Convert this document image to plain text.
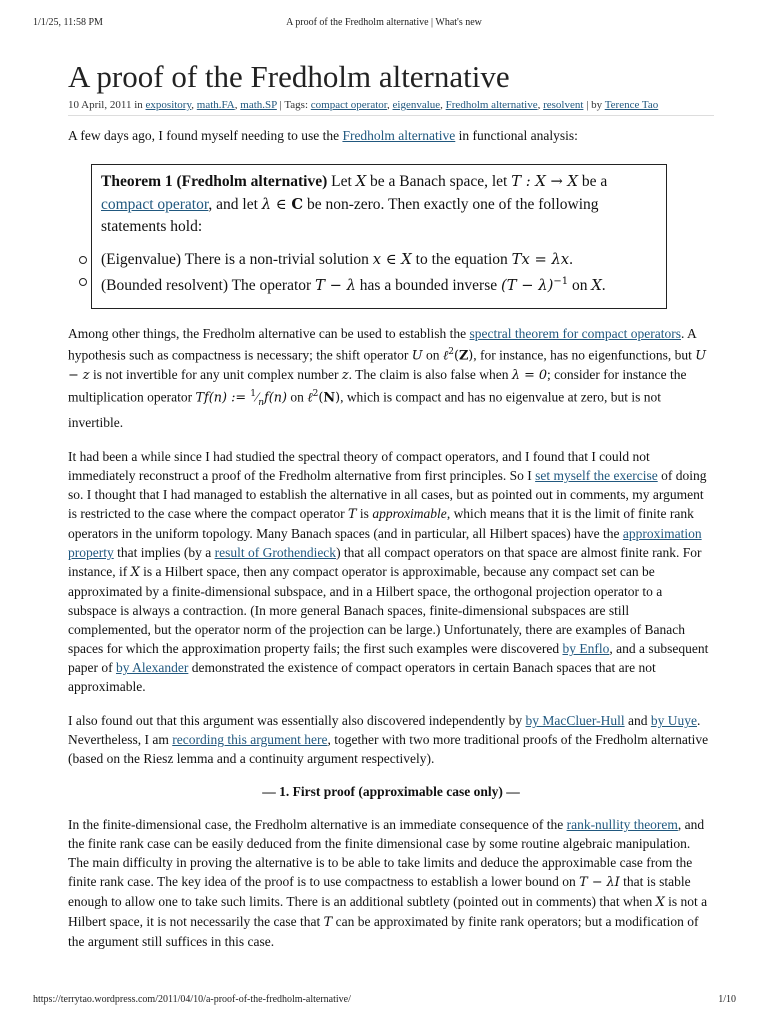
1/1/25, 11:58 PM	A proof of the Fredholm alternative | What's new
A proof of the Fredholm alternative
10 April, 2011 in expository, math.FA, math.SP | Tags: compact operator, eigenvalue, Fredholm alternative, resolvent | by Terence Tao

A few days ago, I found myself needing to use the Fredholm alternative in functional analysis:

Theorem 1 (Fredholm alternative) Let X be a Banach space, let T : X → X be a compact operator, and let λ ∈ C be non-zero. Then exactly one of the following statements hold:
(Eigenvalue) There is a non-trivial solution x ∈ X to the equation Tx = λx.
(Bounded resolvent) The operator T − λ has a bounded inverse $(T - \lambda)^{-1}$ on X.

Among other things, the Fredholm alternative can be used to establish the spectral theorem for compact operators. A hypothesis such as compactness is necessary; the shift operator U on ℓ$^2$(Z), for instance, has no eigenfunctions, but U − z is not invertible for any unit complex number z. The claim is also false when λ = 0; consider for instance the multiplication operator Tf(n) := $^1⁄_nf(n)$ on ℓ$^2$(N), which is compact and has no eigenvalue at zero, but is not invertible.

It had been a while since I had studied the spectral theory of compact operators, and I found that I could not immediately reconstruct a proof of the Fredholm alternative from first principles. So I set myself the exercise of doing so. I thought that I had managed to establish the alternative in all cases, but as pointed out in comments, my argument is restricted to the case where the compact operator T is approximable, which means that it is the limit of finite rank operators in the uniform topology. Many Banach spaces (and in particular, all Hilbert spaces) have the approximation property that implies (by a result of Grothendieck) that all compact operators on that space are almost finite rank. For instance, if X is a Hilbert space, then any compact operator is approximable, because any compact set can be approximated by a finite-dimensional subspace, and in a Hilbert space, the orthogonal projection operator to a subspace is always a contraction. (In more general Banach spaces, finite-dimensional subspaces are still complemented, but the operator norm of the projection can be large.) Unfortunately, there are examples of Banach spaces for which the approximation property fails; the first such examples were discovered by Enflo, and a subsequent paper of by Alexander demonstrated the existence of compact operators in certain Banach spaces that are not approximable.

I also found out that this argument was essentially also discovered independently by by MacCluer-Hull and by Uuye. Nevertheless, I am recording this argument here, together with two more traditional proofs of the Fredholm alternative (based on the Riesz lemma and a continuity argument respectively).

— 1. First proof (approximable case only) —

In the finite-dimensional case, the Fredholm alternative is an immediate consequence of the rank-nullity theorem, and the finite rank case can be easily deduced from the finite dimensional case by some routine algebraic manipulation. The main difficulty in proving the alternative is to be able to take limits and deduce the approximable case from the finite rank case. The key idea of the proof is to use compactness to establish a lower bound on T − λI that is stable enough to allow one to take such limits. There is an additional subtlety (pointed out in comments) that when X is not a Hilbert space, it is not necessarily the case that T can be approximated by finite rank operators; but a modification of the argument still suffices in this case.

https://terrytao.wordpress.com/2011/04/10/a-proof-of-the-fredholm-alternative/	1/10
